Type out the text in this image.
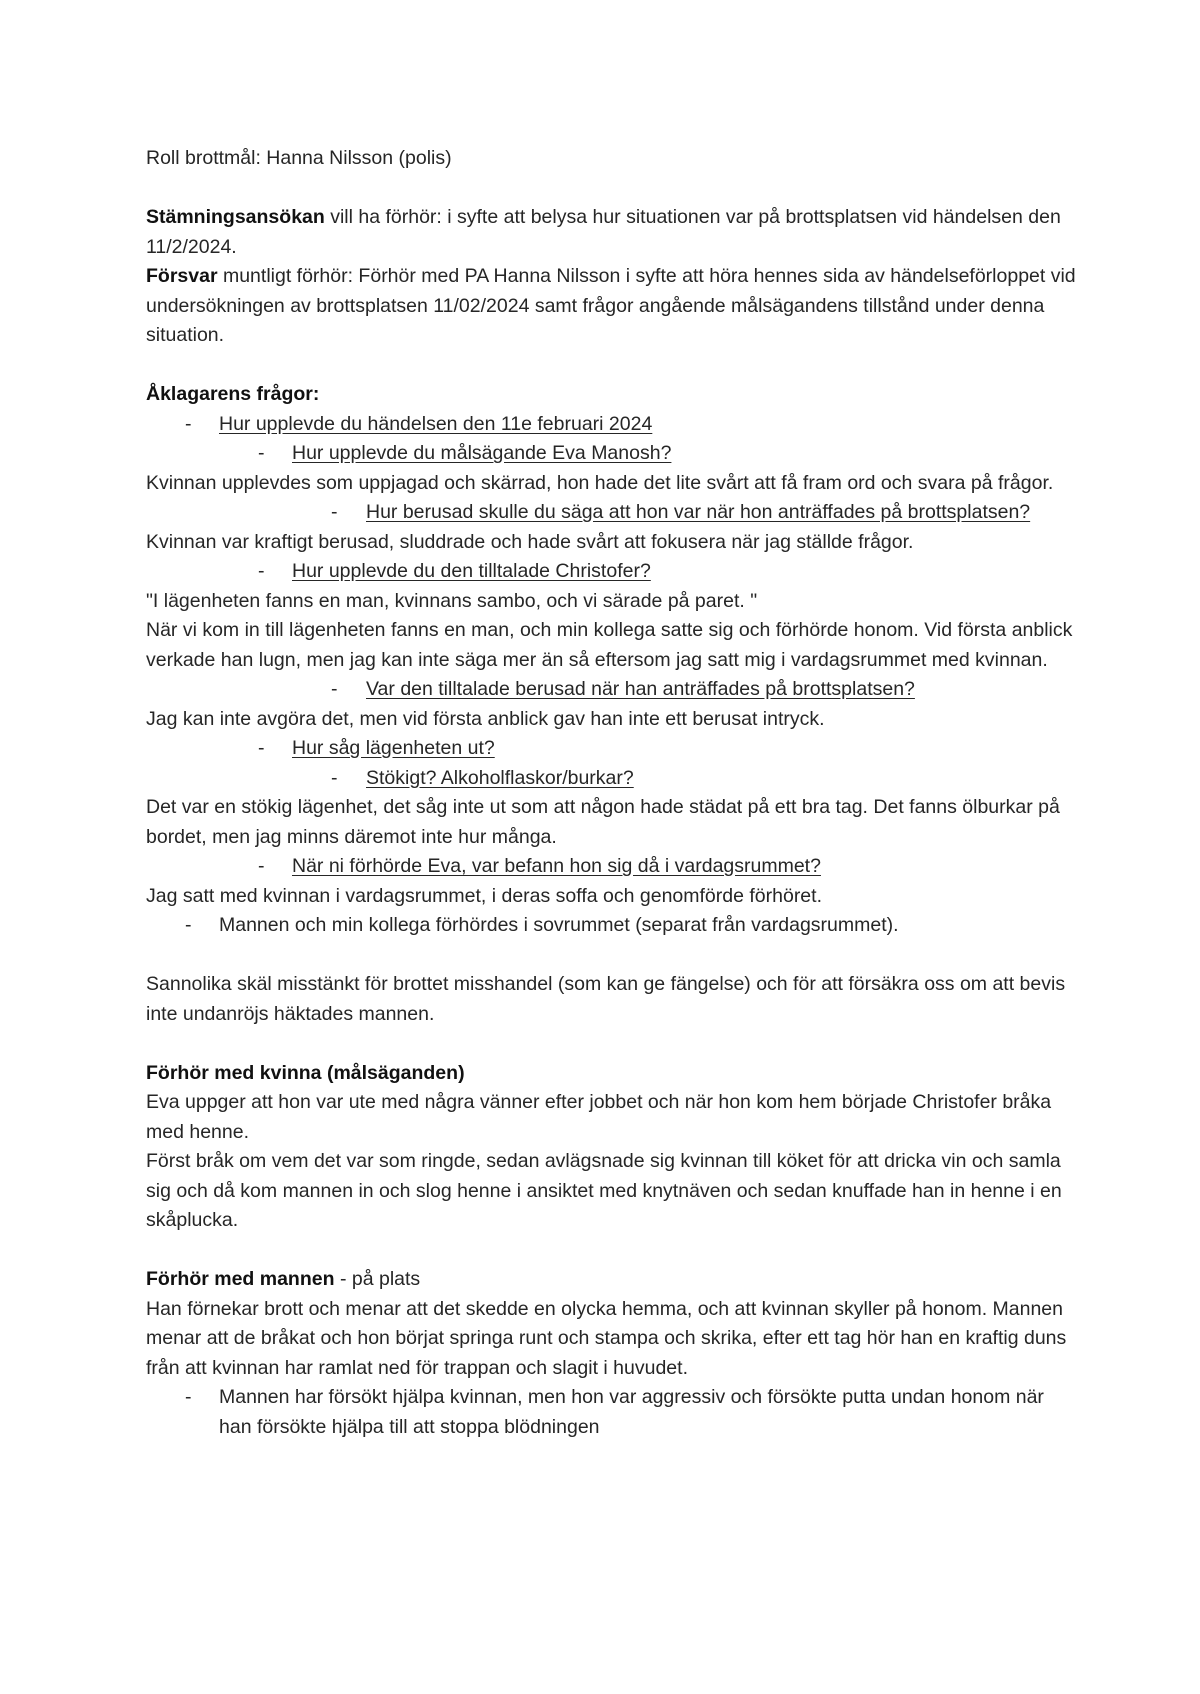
Roll brottmål: Hanna Nilsson (polis)

Stämningsansökan vill ha förhör: i syfte att belysa hur situationen var på brottsplatsen vid händelsen den 11/2/2024.

Försvar muntligt förhör: Förhör med PA Hanna Nilsson i syfte att höra hennes sida av händelseförloppet vid undersökningen av brottsplatsen 11/02/2024 samt frågor angående målsägandens tillstånd under denna situation.

Åklagarens frågor:

- Hur upplevde du händelsen den 11e februari 2024
- Hur upplevde du målsägande Eva Manosh?

Kvinnan upplevdes som uppjagad och skärrad, hon hade det lite svårt att få fram ord och svara på frågor.

- Hur berusad skulle du säga att hon var när hon anträffades på brottsplatsen?

Kvinnan var kraftigt berusad, sluddrade och hade svårt att fokusera när jag ställde frågor.

- Hur upplevde du den tilltalade Christofer?

"I lägenheten fanns en man, kvinnans sambo, och vi särade på paret. "

När vi kom in till lägenheten fanns en man, och min kollega satte sig och förhörde honom. Vid första anblick verkade han lugn, men jag kan inte säga mer än så eftersom jag satt mig i vardagsrummet med kvinnan.

- Var den tilltalade berusad när han anträffades på brottsplatsen?

Jag kan inte avgöra det, men vid första anblick gav han inte ett berusat intryck.

- Hur såg lägenheten ut?
- Stökigt? Alkoholflaskor/burkar?

Det var en stökig lägenhet, det såg inte ut som att någon hade städat på ett bra tag. Det fanns ölburkar på bordet, men jag minns däremot inte hur många.

- När ni förhörde Eva, var befann hon sig då i vardagsrummet?

Jag satt med kvinnan i vardagsrummet, i deras soffa och genomförde förhöret.

- Mannen och min kollega förhördes i sovrummet (separat från vardagsrummet).

Sannolika skäl misstänkt för brottet misshandel (som kan ge fängelse) och för att försäkra oss om att bevis inte undanröjs häktades mannen.

Förhör med kvinna (målsäganden)

Eva uppger att hon var ute med några vänner efter jobbet och när hon kom hem började Christofer bråka med henne.

Först bråk om vem det var som ringde, sedan avlägsnade sig kvinnan till köket för att dricka vin och samla sig och då kom mannen in och slog henne i ansiktet med knytnäven och sedan knuffade han in henne i en skåplucka.

Förhör med mannen - på plats

Han förnekar brott och menar att det skedde en olycka hemma, och att kvinnan skyller på honom. Mannen menar att de bråkat och hon börjat springa runt och stampa och skrika, efter ett tag hör han en kraftig duns från att kvinnan har ramlat ned för trappan och slagit i huvudet.

- Mannen har försökt hjälpa kvinnan, men hon var aggressiv och försökte putta undan honom när han försökte hjälpa till att stoppa blödningen
